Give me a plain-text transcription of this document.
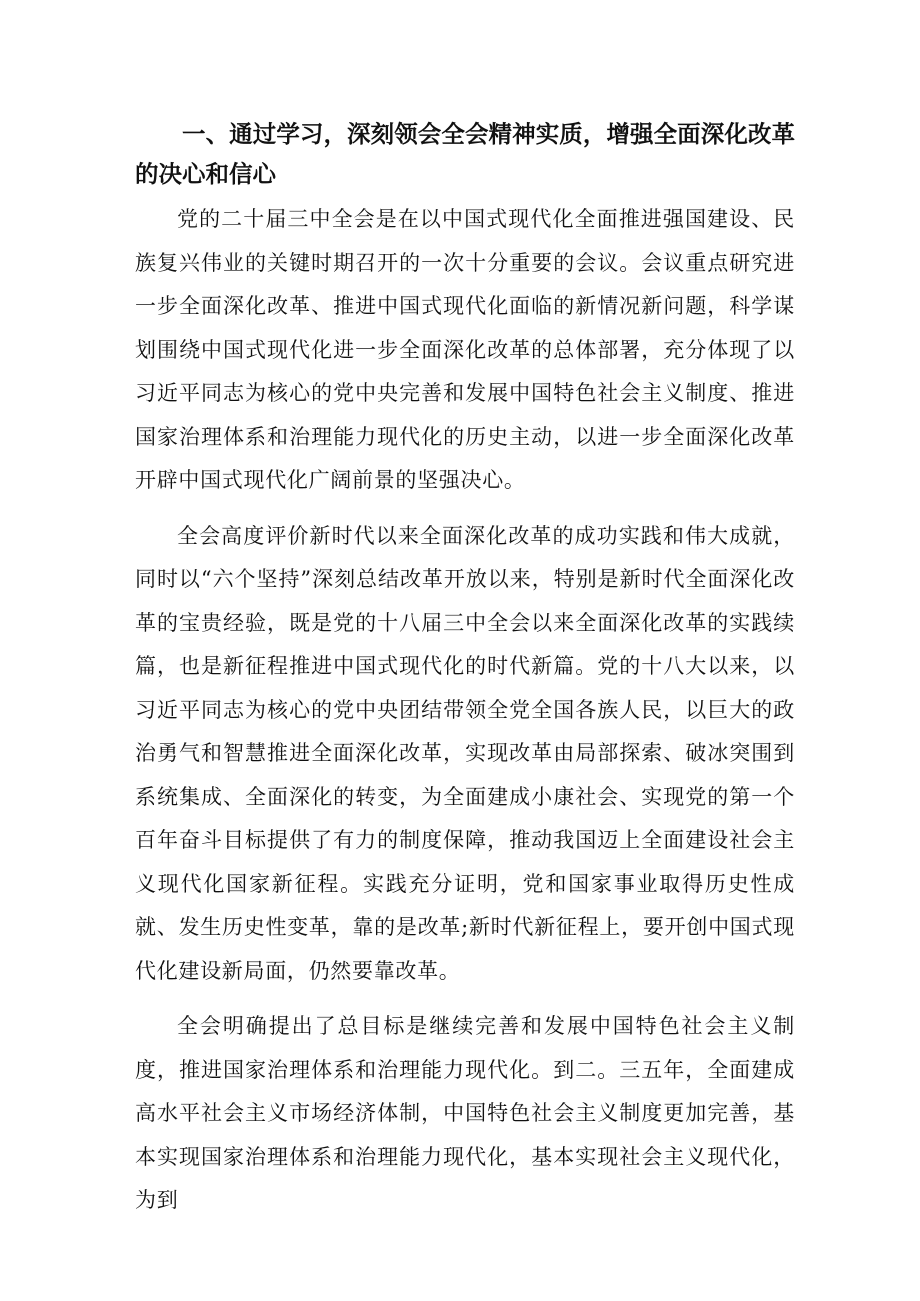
一、通过学习，深刻领会全会精神实质，增强全面深化改革的决心和信心

党的二十届三中全会是在以中国式现代化全面推进强国建设、民族复兴伟业的关键时期召开的一次十分重要的会议。会议重点研究进一步全面深化改革、推进中国式现代化面临的新情况新问题，科学谋划围绕中国式现代化进一步全面深化改革的总体部署，充分体现了以习近平同志为核心的党中央完善和发展中国特色社会主义制度、推进国家治理体系和治理能力现代化的历史主动，以进一步全面深化改革开辟中国式现代化广阔前景的坚强决心。

全会高度评价新时代以来全面深化改革的成功实践和伟大成就，同时以“六个坚持”深刻总结改革开放以来，特别是新时代全面深化改革的宝贵经验，既是党的十八届三中全会以来全面深化改革的实践续篇，也是新征程推进中国式现代化的时代新篇。党的十八大以来，以习近平同志为核心的党中央团结带领全党全国各族人民，以巨大的政治勇气和智慧推进全面深化改革，实现改革由局部探索、破冰突围到系统集成、全面深化的转变，为全面建成小康社会、实现党的第一个百年奋斗目标提供了有力的制度保障，推动我国迈上全面建设社会主义现代化国家新征程。实践充分证明，党和国家事业取得历史性成就、发生历史性变革，靠的是改革;新时代新征程上，要开创中国式现代化建设新局面，仍然要靠改革。

全会明确提出了总目标是继续完善和发展中国特色社会主义制度，推进国家治理体系和治理能力现代化。到二。三五年，全面建成高水平社会主义市场经济体制，中国特色社会主义制度更加完善，基本实现国家治理体系和治理能力现代化，基本实现社会主义现代化，为到
